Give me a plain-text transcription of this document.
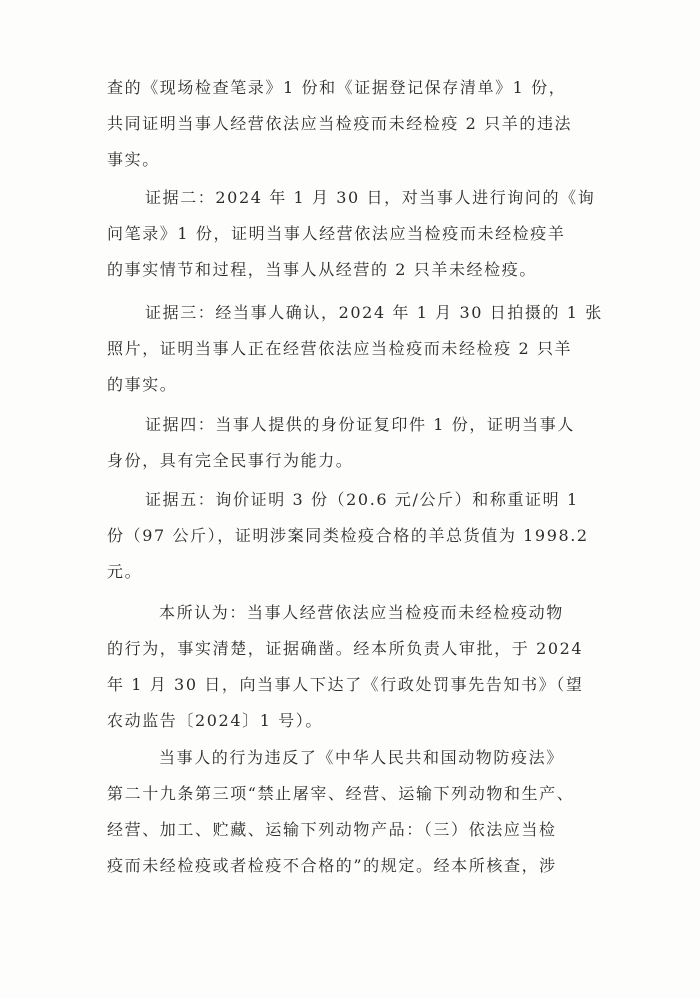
查的《现场检查笔录》1 份和《证据登记保存清单》1 份，
共同证明当事人经营依法应当检疫而未经检疫 2 只羊的违法
事实。
证据二：2024 年 1 月 30 日，对当事人进行询问的《询
问笔录》1 份，证明当事人经营依法应当检疫而未经检疫羊
的事实情节和过程，当事人从经营的 2 只羊未经检疫。
证据三：经当事人确认，2024 年 1 月 30 日拍摄的 1 张
照片，证明当事人正在经营依法应当检疫而未经检疫 2 只羊
的事实。
证据四：当事人提供的身份证复印件 1 份，证明当事人
身份，具有完全民事行为能力。
证据五：询价证明 3 份（20.6 元/公斤）和称重证明 1
份（97 公斤），证明涉案同类检疫合格的羊总货值为 1998.2
元。
本所认为：当事人经营依法应当检疫而未经检疫动物
的行为，事实清楚，证据确凿。经本所负责人审批，于 2024
年 1 月 30 日，向当事人下达了《行政处罚事先告知书》（望
农动监告〔2024〕1 号）。
当事人的行为违反了《中华人民共和国动物防疫法》
第二十九条第三项“禁止屠宰、经营、运输下列动物和生产、
经营、加工、贮藏、运输下列动物产品：（三）依法应当检
疫而未经检疫或者检疫不合格的”的规定。经本所核查，涉
